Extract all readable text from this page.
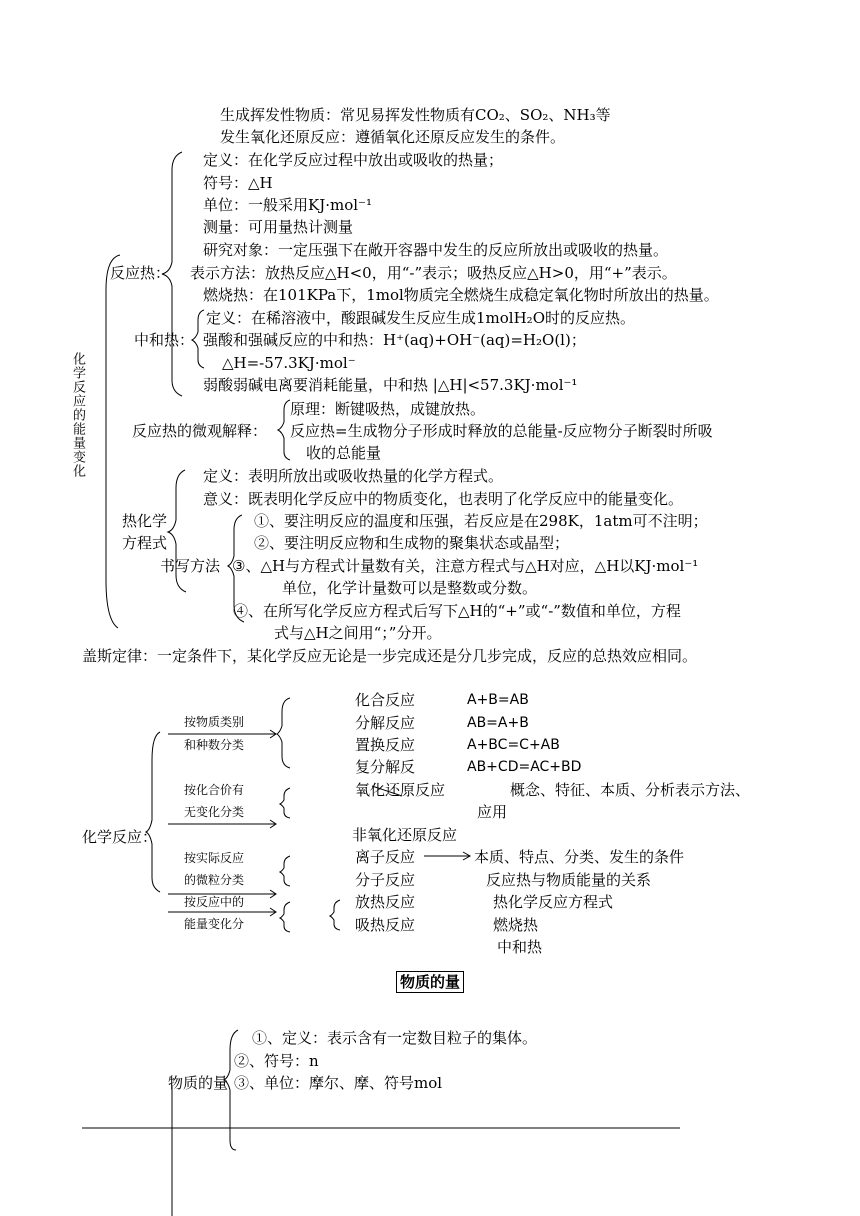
生成挥发性物质：常见易挥发性物质有CO₂、SO₂、NH₃等
发生氧化还原反应：遵循氧化还原反应发生的条件。
化学反应的能量变化
反应热：
定义：在化学反应过程中放出或吸收的热量；
符号：△H
单位：一般采用KJ·mol⁻¹
测量：可用量热计测量
研究对象：一定压强下在敞开容器中发生的反应所放出或吸收的热量。
表示方法：放热反应△H<0，用“-”表示；吸热反应△H>0，用“+”表示。
燃烧热：在101KPa下，1mol物质完全燃烧生成稳定氧化物时所放出的热量。
中和热：
定义：在稀溶液中，酸跟碱发生反应生成1molH₂O时的反应热。
强酸和强碱反应的中和热：H⁺(aq)+OH⁻(aq)=H₂O(l)；
△H=-57.3KJ·mol⁻
弱酸弱碱电离要消耗能量，中和热 |△H|<57.3KJ·mol⁻¹
反应热的微观解释：
原理：断键吸热，成键放热。
反应热=生成物分子形成时释放的总能量-反应物分子断裂时所吸
收的总能量
热化学
方程式
定义：表明所放出或吸收热量的化学方程式。
意义：既表明化学反应中的物质变化，也表明了化学反应中的能量变化。
书写方法
①、要注明反应的温度和压强，若反应是在298K，1atm可不注明；
②、要注明反应物和生成物的聚集状态或晶型；
③、△H与方程式计量数有关，注意方程式与△H对应，△H以KJ·mol⁻¹
单位，化学计量数可以是整数或分数。
④、在所写化学反应方程式后写下△H的“+”或“-”数值和单位，方程
式与△H之间用“；”分开。
盖斯定律：一定条件下，某化学反应无论是一步完成还是分几步完成，反应的总热效应相同。
化学反应：
按物质类别
和种数分类
按化合价有
无变化分类
按实际反应
的微粒分类
按反应中的
能量变化分
化合反应	A+B=AB
分解反应	AB=A+B
置换反应	A+BC=C+AB
复分解反	AB+CD=AC+BD
氧化还原反应	概念、特征、本质、分析表示方法、
应用
非氧化还原反应
离子反应	本质、特点、分类、发生的条件
分子反应	反应热与物质能量的关系
放热反应	热化学反应方程式
吸热反应	燃烧热
中和热
物质的量
①、定义：表示含有一定数目粒子的集体。
②、符号：n
物质的量 ③、单位：摩尔、摩、符号mol
